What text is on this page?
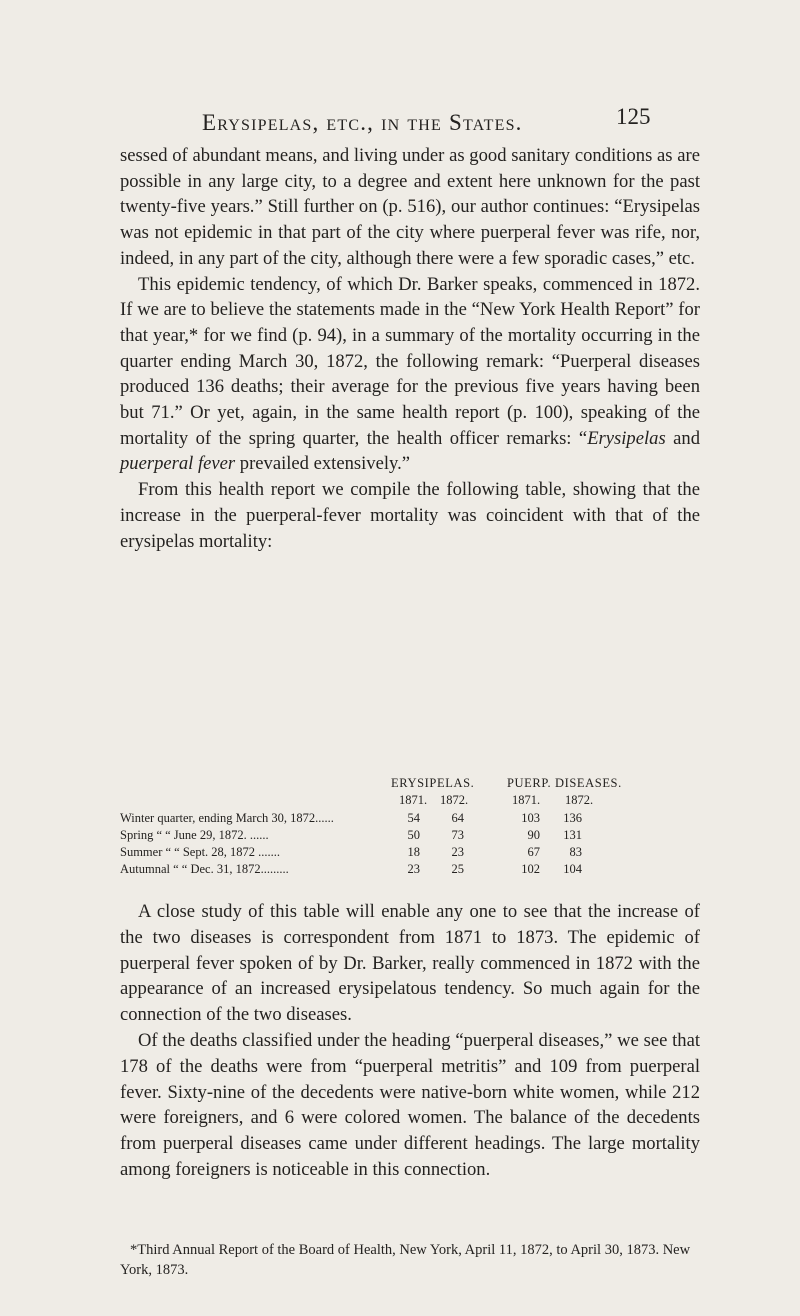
Erysipelas, etc., in the States.	125

sessed of abundant means, and living under as good sanitary conditions as are possible in any large city, to a degree and extent here unknown for the past twenty-five years.” Still further on (p. 516), our author continues: “Erysipelas was not epidemic in that part of the city where puerperal fever was rife, nor, indeed, in any part of the city, although there were a few sporadic cases,” etc.

This epidemic tendency, of which Dr. Barker speaks, commenced in 1872. If we are to believe the statements made in the “New York Health Report” for that year,* for we find (p. 94), in a summary of the mortality occurring in the quarter ending March 30, 1872, the following remark: “Puerperal diseases produced 136 deaths; their average for the previous five years having been but 71.” Or yet, again, in the same health report (p. 100), speaking of the mortality of the spring quarter, the health officer remarks: “Erysipelas and puerperal fever prevailed extensively.”

From this health report we compile the following table, showing that the increase in the puerperal-fever mortality was coincident with that of the erysipelas mortality:

ERYSIPELAS.	PUERP. DISEASES.
1871. 1872.	1871. 1872.
Winter quarter, ending March 30, 1872......	54	64	103	136
Spring “ “ June 29, 1872. ......	50	73	90	131
Summer “ “ Sept. 28, 1872 .......	18	23	67	83
Autumnal “ “ Dec. 31, 1872.........	23	25	102	104

A close study of this table will enable any one to see that the increase of the two diseases is correspondent from 1871 to 1873. The epidemic of puerperal fever spoken of by Dr. Barker, really commenced in 1872 with the appearance of an increased erysipelatous tendency. So much again for the connection of the two diseases.

Of the deaths classified under the heading “puerperal diseases,” we see that 178 of the deaths were from “puerperal metritis” and 109 from puerperal fever. Sixty-nine of the decedents were native-born white women, while 212 were foreigners, and 6 were colored women. The balance of the decedents from puerperal diseases came under different headings. The large mortality among foreigners is noticeable in this connection.

*Third Annual Report of the Board of Health, New York, April 11, 1872, to April 30, 1873. New York, 1873.
